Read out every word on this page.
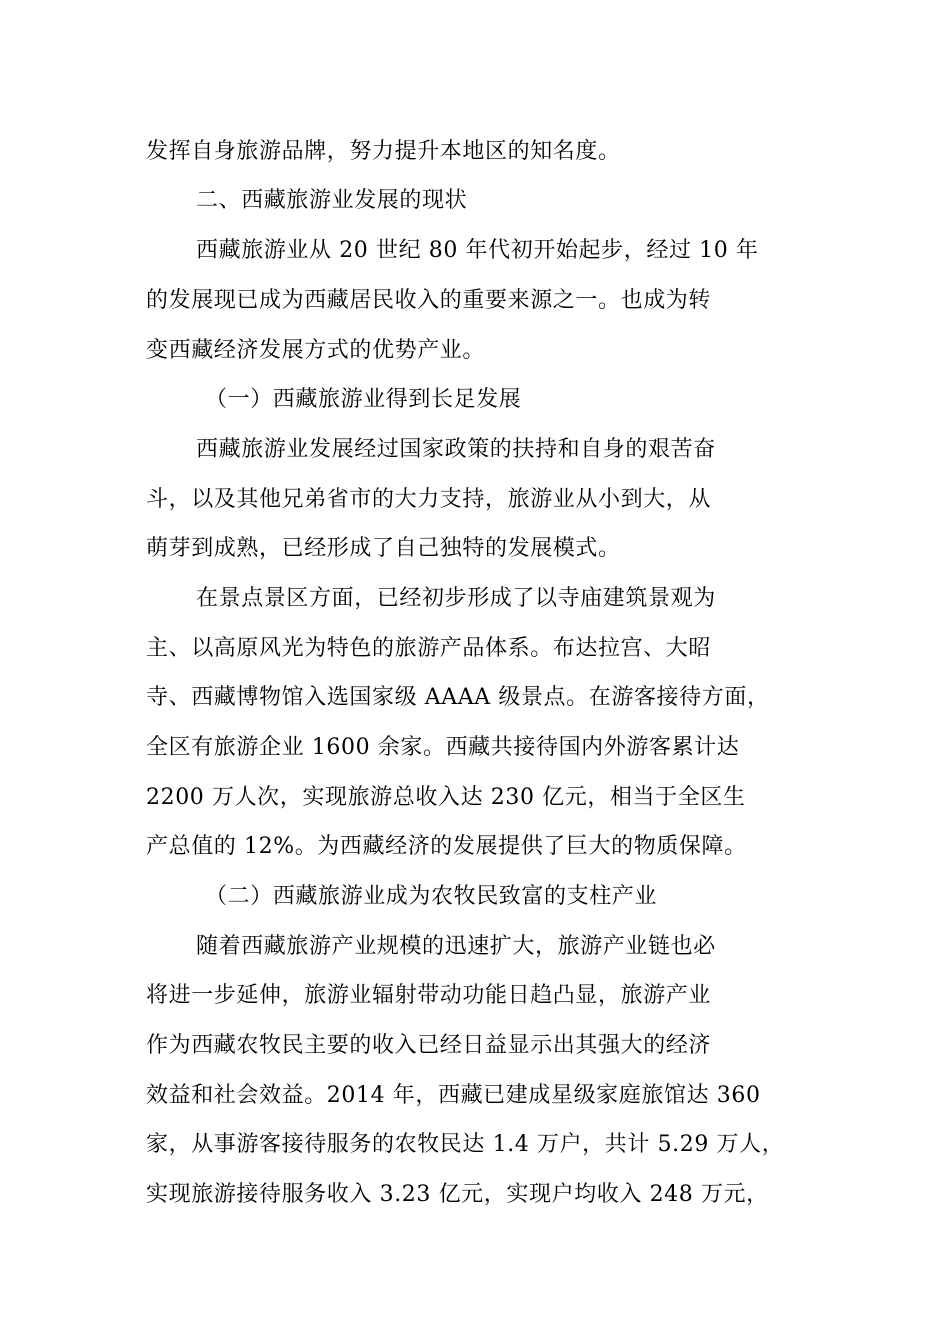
发挥自身旅游品牌，努力提升本地区的知名度。
二、西藏旅游业发展的现状
西藏旅游业从 20 世纪 80 年代初开始起步，经过 10 年
的发展现已成为西藏居民收入的重要来源之一。也成为转
变西藏经济发展方式的优势产业。
（一）西藏旅游业得到长足发展
西藏旅游业发展经过国家政策的扶持和自身的艰苦奋
斗，以及其他兄弟省市的大力支持，旅游业从小到大，从
萌芽到成熟，已经形成了自己独特的发展模式。
在景点景区方面，已经初步形成了以寺庙建筑景观为
主、以高原风光为特色的旅游产品体系。布达拉宫、大昭
寺、西藏博物馆入选国家级 AAAA 级景点。在游客接待方面，
全区有旅游企业 1600 余家。西藏共接待国内外游客累计达
2200 万人次，实现旅游总收入达 230 亿元，相当于全区生
产总值的 12%。为西藏经济的发展提供了巨大的物质保障。
（二）西藏旅游业成为农牧民致富的支柱产业
随着西藏旅游产业规模的迅速扩大，旅游产业链也必
将进一步延伸，旅游业辐射带动功能日趋凸显，旅游产业
作为西藏农牧民主要的收入已经日益显示出其强大的经济
效益和社会效益。2014 年，西藏已建成星级家庭旅馆达 360
家，从事游客接待服务的农牧民达 1.4 万户，共计 5.29 万人，
实现旅游接待服务收入 3.23 亿元，实现户均收入 248 万元，
